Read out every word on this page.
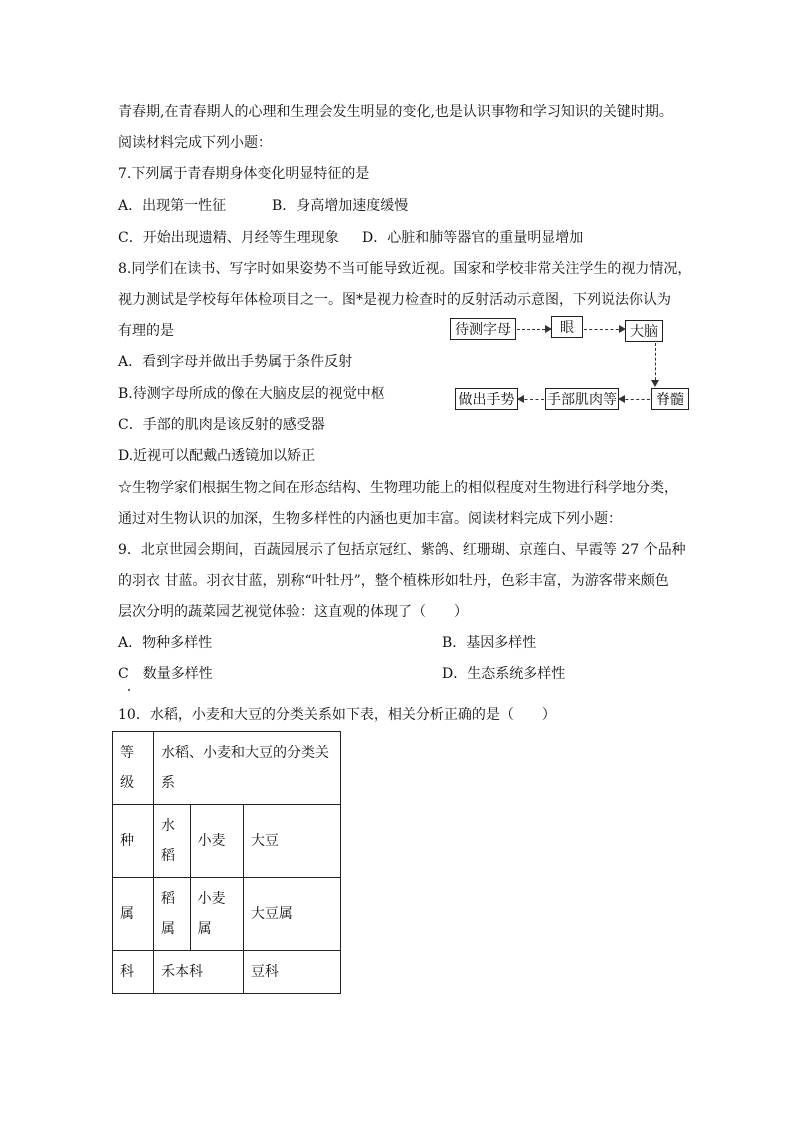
青春期,在青春期人的心理和生理会发生明显的变化,也是认识事物和学习知识的关键时期。
阅读材料完成下列小题：
7.下列属于青春期身体变化明显特征的是
A．出现第一性征	B．身高增加速度缓慢
C．开始出现遗精、月经等生理现象 D．心脏和肺等器官的重量明显增加
8.同学们在读书、写字时如果姿势不当可能导致近视。国家和学校非常关注学生的视力情况，
视力测试是学校每年体检项目之一。图*是视力检查时的反射活动示意图，下列说法你认为
有理的是
A．看到字母并做出手势属于条件反射
B.待测字母所成的像在大脑皮层的视觉中枢
C．手部的肌肉是该反射的感受器
D.近视可以配戴凸透镜加以矫正
待测字母	眼	大脑
脊髓
手部肌肉等
做出手势
☆生物学家们根据生物之间在形态结构、生物理功能上的相似程度对生物进行科学地分类，
通过对生物认识的加深，生物多样性的内涵也更加丰富。阅读材料完成下列小题：
9．北京世园会期间，百蔬园展示了包括京冠红、紫鸽、红珊瑚、京莲白、早霞等 27 个品种
的羽衣 甘蓝。羽衣甘蓝，别称“叶牡丹”，整个植株形如牡丹，色彩丰富，为游客带来颇色
层次分明的蔬菜园艺视觉体验：这直观的体现了（　　）
A．物种多样性	B．基因多样性
C　数量多样性	D．生态系统多样性
10．水稻，小麦和大豆的分类关系如下表，相关分析正确的是（　　）
等级	水稻、小麦和大豆的分类关系		

种	水稻	小麦	大豆
属	稻属	小麦属	大豆属
科	禾本科		豆科
